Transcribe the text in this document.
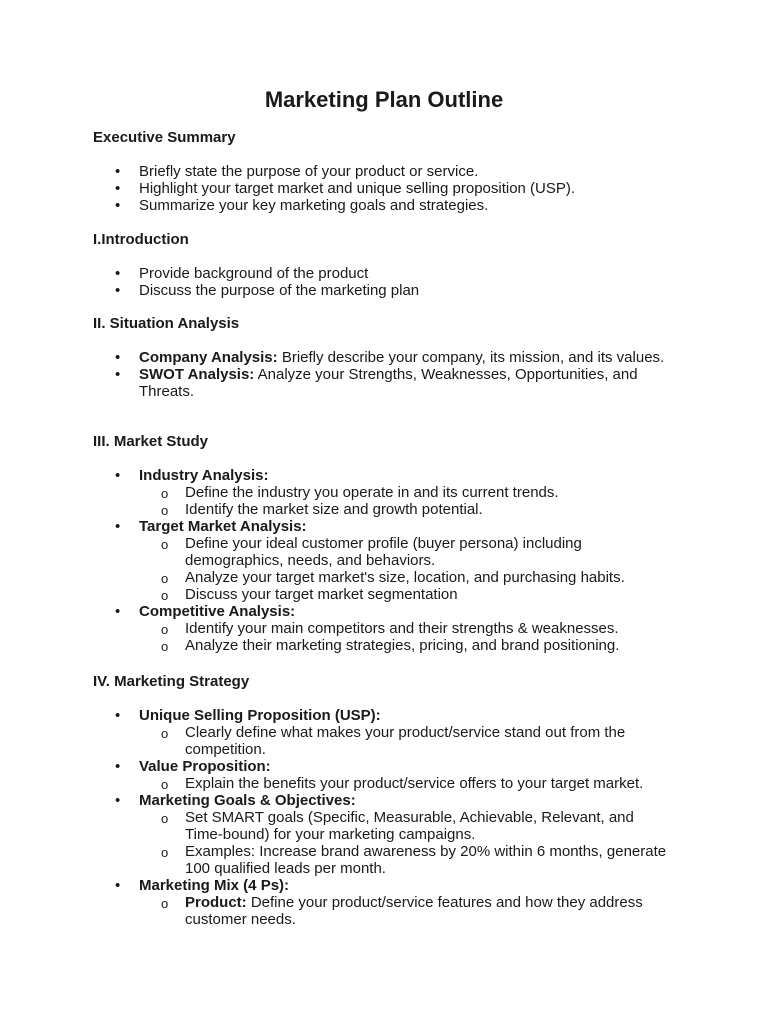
Marketing Plan Outline
Executive Summary
• Briefly state the purpose of your product or service.
• Highlight your target market and unique selling proposition (USP).
• Summarize your key marketing goals and strategies.
I.Introduction
• Provide background of the product
• Discuss the purpose of the marketing plan
II. Situation Analysis
• Company Analysis: Briefly describe your company, its mission, and its values.
• SWOT Analysis: Analyze your Strengths, Weaknesses, Opportunities, and Threats.
III. Market Study
• Industry Analysis:
o Define the industry you operate in and its current trends.
o Identify the market size and growth potential.
• Target Market Analysis:
o Define your ideal customer profile (buyer persona) including demographics, needs, and behaviors.
o Analyze your target market's size, location, and purchasing habits.
o Discuss your target market segmentation
• Competitive Analysis:
o Identify your main competitors and their strengths & weaknesses.
o Analyze their marketing strategies, pricing, and brand positioning.
IV. Marketing Strategy
• Unique Selling Proposition (USP):
o Clearly define what makes your product/service stand out from the competition.
• Value Proposition:
o Explain the benefits your product/service offers to your target market.
• Marketing Goals & Objectives:
o Set SMART goals (Specific, Measurable, Achievable, Relevant, and Time-bound) for your marketing campaigns.
o Examples: Increase brand awareness by 20% within 6 months, generate 100 qualified leads per month.
• Marketing Mix (4 Ps):
o Product: Define your product/service features and how they address customer needs.
